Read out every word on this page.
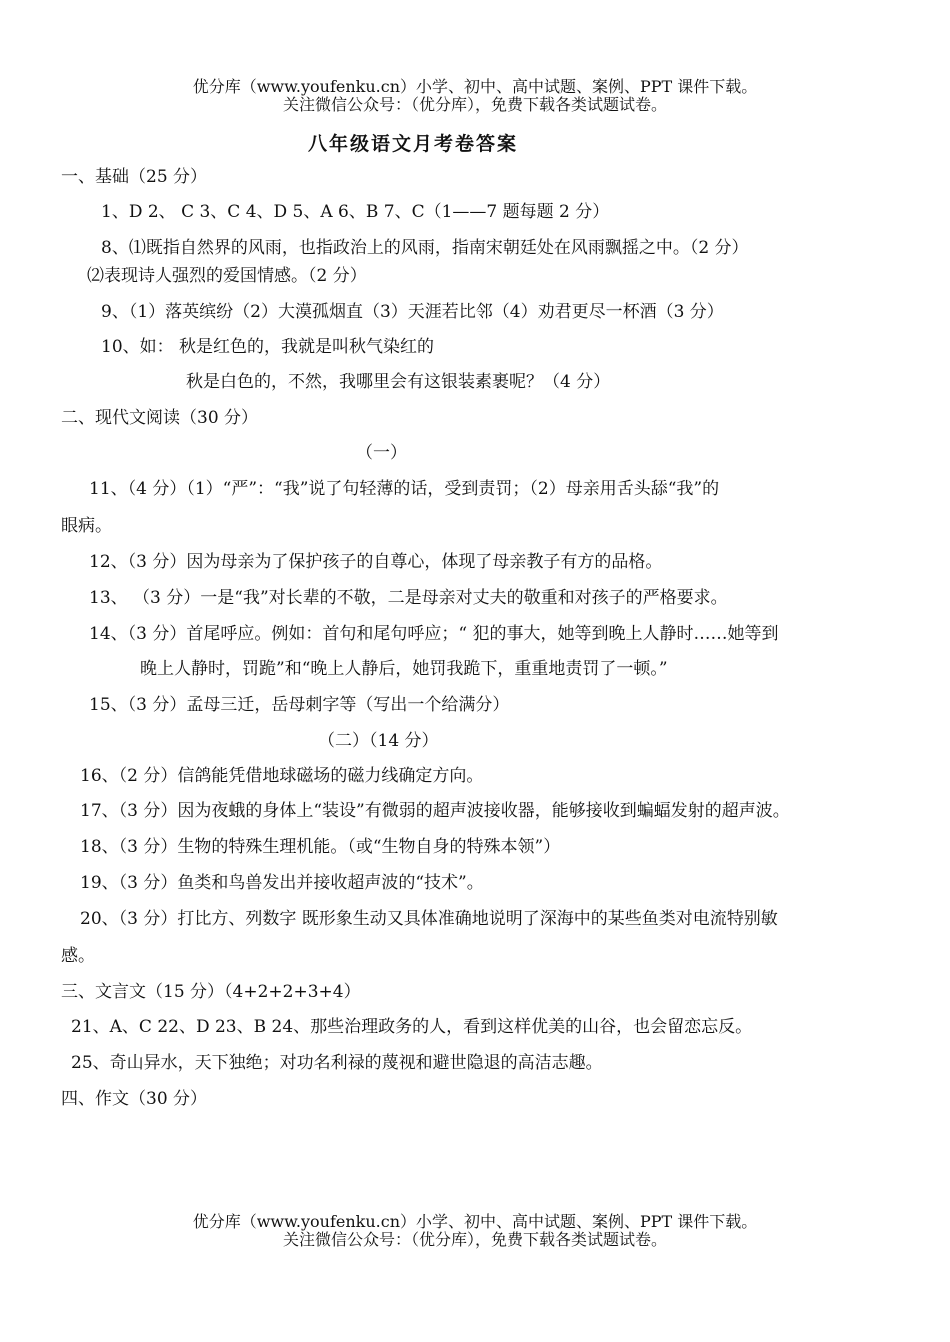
优分库（www.youfenku.cn）小学、初中、高中试题、案例、PPT 课件下载。
关注微信公众号：（优分库），免费下载各类试题试卷。
八年级语文月考卷答案
一、基础（25 分）
1、D 2、 C 3、C 4、D 5、A 6、B 7、C（1——7 题每题 2 分）
8、⑴既指自然界的风雨，也指政治上的风雨，指南宋朝廷处在风雨飘摇之中。（2 分）
⑵表现诗人强烈的爱国情感。（2 分）
9、（1）落英缤纷（2）大漠孤烟直（3）天涯若比邻（4）劝君更尽一杯酒（3 分）
10、如： 秋是红色的，我就是叫秋气染红的
秋是白色的，不然，我哪里会有这银装素裹呢？（4 分）
二、现代文阅读（30 分）
（一）
11、（4 分）（1）“严”：“我”说了句轻薄的话，受到责罚；（2）母亲用舌头舔“我”的
眼病。
12、（3 分）因为母亲为了保护孩子的自尊心，体现了母亲教子有方的品格。
13、 （3 分）一是“我”对长辈的不敬，二是母亲对丈夫的敬重和对孩子的严格要求。
14、（3 分）首尾呼应。例如：首句和尾句呼应；“ 犯的事大，她等到晚上人静时……她等到
晚上人静时，罚跪”和“晚上人静后，她罚我跪下，重重地责罚了一顿。”
15、（3 分）孟母三迁，岳母刺字等（写出一个给满分）
（二）（14 分）
16、（2 分）信鸽能凭借地球磁场的磁力线确定方向。
17、（3 分）因为夜蛾的身体上“装设”有微弱的超声波接收器，能够接收到蝙蝠发射的超声波。
18、（3 分）生物的特殊生理机能。（或“生物自身的特殊本领”）
19、（3 分）鱼类和鸟兽发出并接收超声波的“技术”。
20、（3 分）打比方、列数字 既形象生动又具体准确地说明了深海中的某些鱼类对电流特别敏
感。
三、文言文（15 分）（4+2+2+3+4）
21、A、C 22、D 23、B 24、那些治理政务的人，看到这样优美的山谷，也会留恋忘反。
25、奇山异水，天下独绝；对功名利禄的蔑视和避世隐退的高洁志趣。
四、作文（30 分）
优分库（www.youfenku.cn）小学、初中、高中试题、案例、PPT 课件下载。
关注微信公众号：（优分库），免费下载各类试题试卷。
